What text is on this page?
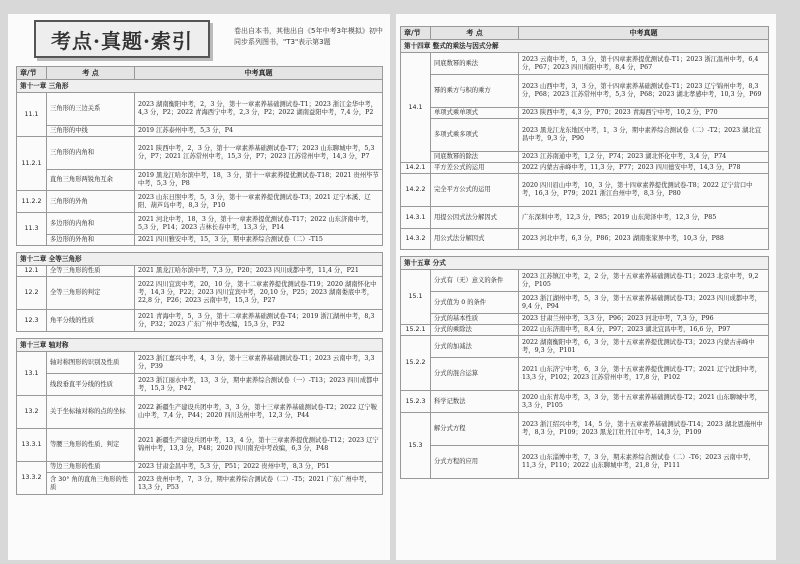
考点·真题·索引	卷出自本书，其他出自《5年中考3年模拟》初中同步系列图书，"T3"表示第3题
章/节	考 点	中考真题
第十一章 三角形		
11.1	三角形的三边关系	2023 湖南衡阳中考，2，3 分，第十一章素养基础测试卷-T1；2023 浙江金华中考，4,3 分，P2；2022 青海西宁中考，2,3 分，P2；2022 湖南益阳中考，7,4 分，P2
	三角形的中线	2019 江苏泰州中考，5,3 分，P4
11.2.1	三角形的内角和	2021 陕西中考，2，3 分，第十一章素养基础测试卷-T7；2023 山东聊城中考，5,3 分，P7；2021 江苏常州中考，15,3 分，P7；2023 江苏常州中考，14,3 分，P7
	直角三角形两锐角互余	2019 黑龙江哈尔滨中考，18，3 分，第十一章素养提优测试卷-T18；2021 贵州毕节中考，5,3 分，P8
11.2.2	三角形的外角	2023 山东日照中考，5，3 分，第十一章素养提优测试卷-T3；2021 辽宁本溪、辽阳、葫芦岛中考，8,3 分，P10
11.3	多边形的内角和	2021 河北中考，18，3 分，第十一章素养提优测试卷-T17；2022 山东济南中考，5,3 分，P14；2023 吉林长春中考，13,3 分，P14
	多边形的外角和	2021 四川雅安中考，15，3 分，期中素养综合测试卷（二）-T15

第十二章 全等三角形		
12.1	全等三角形的性质	2021 黑龙江哈尔滨中考，7,3 分，P20；2023 四川成都中考，11,4 分，P21
12.2	全等三角形的判定	2022 四川宜宾中考，20，10 分，第十二章素养提优测试卷-T19；2020 湖南怀化中考，14,3 分，P22；2023 四川宜宾中考，20,10 分，P25；2023 湖南娄底中考，22,8 分，P26；2023 云南中考，15,3 分，P27
12.3	角平分线的性质	2021 青海中考，5，3 分，第十二章素养基础测试卷-T4；2019 浙江湖州中考，8,3 分，P32；2023 广东广州中考改编，15,3 分，P32

第十三章 轴对称		
13.1	轴对称图形的识别及性质	2023 浙江嘉兴中考，4，3 分，第十三章素养基础测试卷-T1；2023 云南中考，3,3 分，P39
	线段垂直平分线的性质	2023 浙江丽水中考，13，3 分，期中素养综合测试卷（一）-T13；2023 四川成都中考，15,3 分，P42
13.2	关于坐标轴对称的点的坐标	2022 新疆生产建设兵团中考，3，3 分，第十三章素养基础测试卷-T2；2022 辽宁鞍山中考，7,4 分，P44；2020 四川达州中考，12,3 分，P44
13.3.1	等腰三角形的性质、判定	2021 新疆生产建设兵团中考，13，4 分，第十三章素养提优测试卷-T12；2023 辽宁锦州中考，13,3 分，P48；2020 四川南充中考改编，6,3 分，P48
13.3.2	等边三角形的性质	2023 甘肃金昌中考，5,3 分，P51；2022 贵州中考，8,3 分，P51
	含 30° 角的直角三角形的性质	2023 贵州中考，7，3 分，期中素养综合测试卷（二）-T5；2021 广东广州中考，13,3 分，P53
章/节	考 点	中考真题
第十四章 整式的乘法与因式分解		
14.1	同底数幂的乘法	2023 云南中考，5，3 分，第十四章素养提优测试卷-T1；2023 浙江温州中考，6,4 分，P67；2023 四川绵阳中考，8,4 分，P67
	幂的乘方与积的乘方	2023 山西中考，3，3 分，第十四章素养基础测试卷-T1；2023 辽宁锦州中考，8,3 分，P68；2023 江苏常州中考，5,3 分，P68；2023 湖北孝感中考，10,3 分，P69
	单项式乘单项式	2023 陕西中考，4,3 分，P70；2023 青海西宁中考，10,2 分，P70
	多项式乘多项式	2023 黑龙江龙东地区中考，1，3 分，期中素养综合测试卷（二）-T2；2023 湖北宜昌中考，9,3 分，P90
	同底数幂的除法	2023 江苏南通中考，1,2 分，P74；2023 湖北怀化中考，3,4 分，P74
14.2.1	平方差公式的运用	2022 内蒙古赤峰中考，11,3 分，P77；2023 四川德安中考，14,3 分，P78
14.2.2	完全平方公式的运用	2020 四川眉山中考，10，3 分，第十四章素养提优测试卷-T8；2022 辽宁营口中考，16,3 分，P79；2021 浙江台州中考，8,3 分，P80
14.3.1	用提公因式法分解因式	广东深圳中考，12,3 分，P85；2019 山东菏泽中考，12,3 分，P85
14.3.2	用公式法分解因式	2023 河北中考，6,3 分，P86；2023 湖南张家界中考，10,3 分，P88

第十五章 分式		
15.1	分式有（无）意义的条件	2023 江苏镇江中考，2，2 分，第十五章素养基础测试卷-T1；2023 北京中考，9,2 分，P105
	分式值为 0 的条件	2023 浙江湖州中考，5，3 分，第十五章素养基础测试卷-T3；2023 四川成都中考，9,4 分，P94
	分式的基本性质	2023 甘肃兰州中考，3,3 分，P96；2023 河北中考，7,3 分，P96
15.2.1	分式的乘除法	2022 山东济南中考，8,4 分，P97；2023 湖北宜昌中考，16,6 分，P97
15.2.2	分式的加减法	2022 湖南衡阳中考，6，3 分，第十五章素养提优测试卷-T3；2023 内蒙古赤峰中考，9,3 分，P101
	分式的混合运算	2021 山东济宁中考，6，3 分，第十五章素养提优测试卷-T7；2021 辽宁沈阳中考，13,3 分，P102；2023 江苏常州中考，17,8 分，P102
15.2.3	科学记数法	2020 山东青岛中考，3，3 分，第十五章素养基础测试卷-T2；2021 山东聊城中考，3,3 分，P105
15.3	解分式方程	2023 浙江绍兴中考，14，5 分，第十五章素养基础测试卷-T14；2023 湖北恩施州中考，8,3 分，P109；2023 黑龙江牡丹江中考，14,3 分，P109
	分式方程的应用	2023 山东淄博中考，7，3 分，期末素养综合测试卷（二）-T6；2023 云南中考，11,3 分，P110；2022 山东聊城中考，21,8 分，P111
